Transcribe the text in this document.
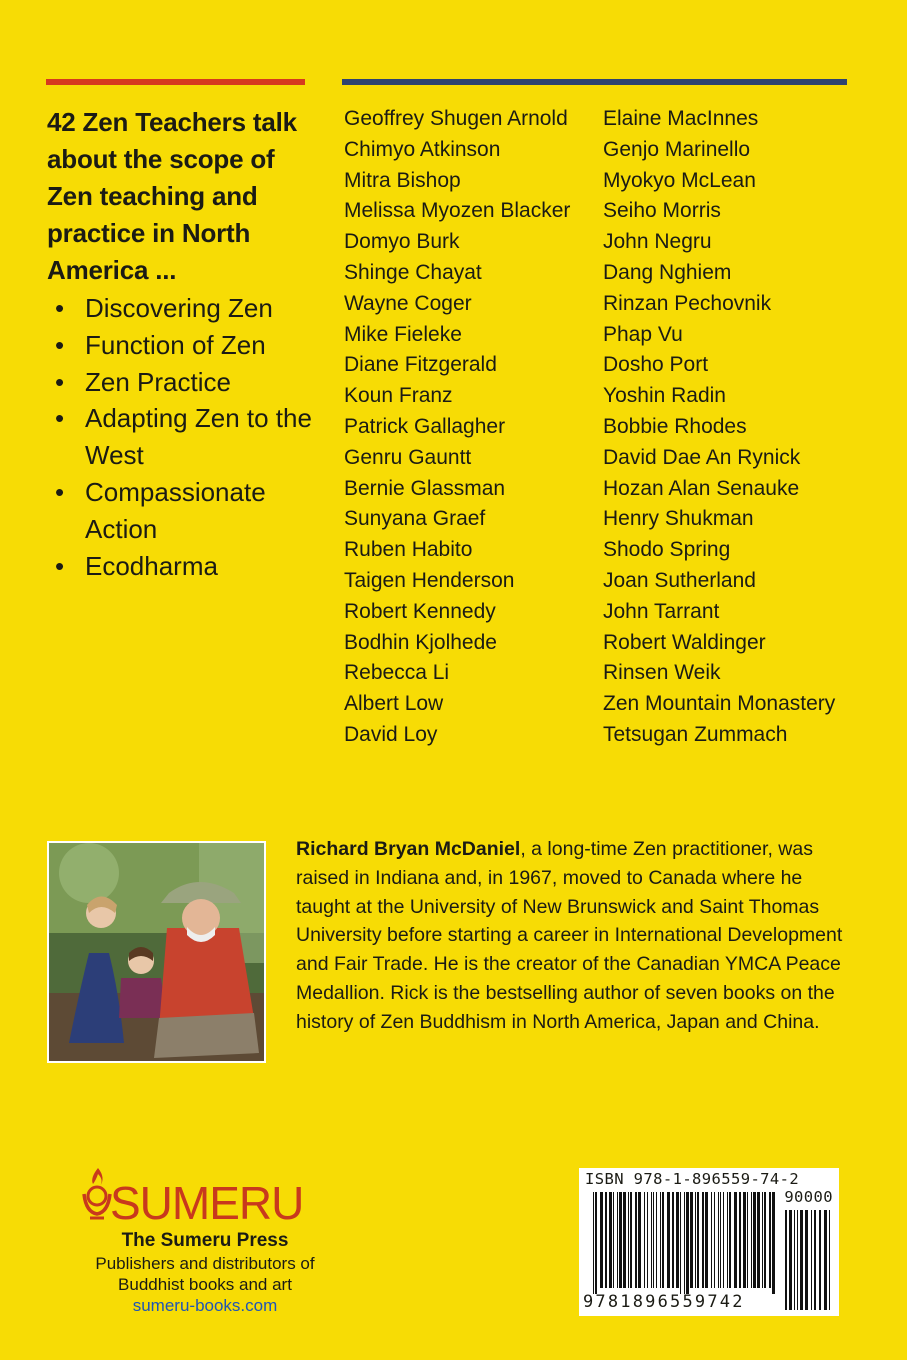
42 Zen Teachers talk about the scope of Zen teaching and practice in North America ...
• Discovering Zen
• Function of Zen
• Zen Practice
• Adapting Zen to the West
• Compassionate Action
• Ecodharma
Geoffrey Shugen Arnold
Chimyo Atkinson
Mitra Bishop
Melissa Myozen Blacker
Domyo Burk
Shinge Chayat
Wayne Coger
Mike Fieleke
Diane Fitzgerald
Koun Franz
Patrick Gallagher
Genru Gauntt
Bernie Glassman
Sunyana Graef
Ruben Habito
Taigen Henderson
Robert Kennedy
Bodhin Kjolhede
Rebecca Li
Albert Low
David Loy
Elaine MacInnes
Genjo Marinello
Myokyo McLean
Seiho Morris
John Negru
Dang Nghiem
Rinzan Pechovnik
Phap Vu
Dosho Port
Yoshin Radin
Bobbie Rhodes
David Dae An Rynick
Hozan Alan Senauke
Henry Shukman
Shodo Spring
Joan Sutherland
John Tarrant
Robert Waldinger
Rinsen Weik
Zen Mountain Monastery
Tetsugan Zummach
Richard Bryan McDaniel, a long-time Zen practitioner, was raised in Indiana and, in 1967, moved to Canada where he taught at the University of New Brunswick and Saint Thomas University before starting a career in International Development and Fair Trade. He is the creator of the Canadian YMCA Peace Medallion. Rick is the bestselling author of seven books on the history of Zen Buddhism in North America, Japan and China.
SUMERU
The Sumeru Press
Publishers and distributors of Buddhist books and art
sumeru-books.com
ISBN 978-1-896559-74-2
90000
9781896559742
